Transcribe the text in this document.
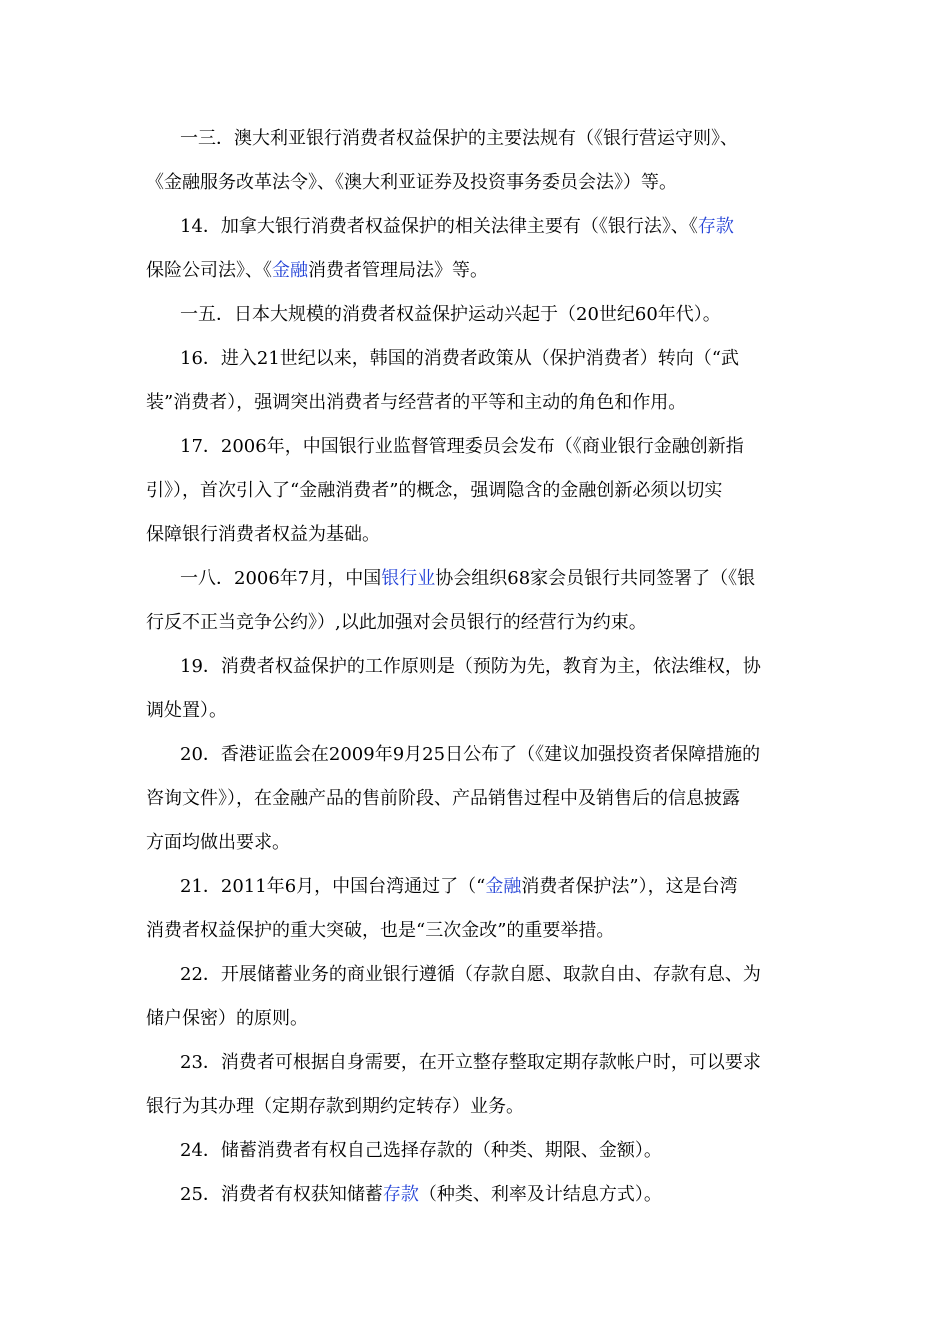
一三．澳大利亚银行消费者权益保护的主要法规有（《银行营运守则》、
《金融服务改革法令》、《澳大利亚证券及投资事务委员会法》）等。
14．加拿大银行消费者权益保护的相关法律主要有（《银行法》、《存款
保险公司法》、《金融消费者管理局法》等。
一五．日本大规模的消费者权益保护运动兴起于（20世纪60年代）。
16．进入21世纪以来，韩国的消费者政策从（保护消费者）转向（“武
装”消费者），强调突出消费者与经营者的平等和主动的角色和作用。
17．2006年，中国银行业监督管理委员会发布（《商业银行金融创新指
引》），首次引入了“金融消费者”的概念，强调隐含的金融创新必须以切实
保障银行消费者权益为基础。
一八．2006年7月，中国银行业协会组织68家会员银行共同签署了（《银
行反不正当竞争公约》）,以此加强对会员银行的经营行为约束。
19．消费者权益保护的工作原则是（预防为先，教育为主，依法维权，协
调处置）。
20．香港证监会在2009年9月25日公布了（《建议加强投资者保障措施的
咨询文件》），在金融产品的售前阶段、产品销售过程中及销售后的信息披露
方面均做出要求。
21．2011年6月，中国台湾通过了（“金融消费者保护法”），这是台湾
消费者权益保护的重大突破，也是“三次金改”的重要举措。
22．开展储蓄业务的商业银行遵循（存款自愿、取款自由、存款有息、为
储户保密）的原则。
23．消费者可根据自身需要，在开立整存整取定期存款帐户时，可以要求
银行为其办理（定期存款到期约定转存）业务。
24．储蓄消费者有权自己选择存款的（种类、期限、金额）。
25．消费者有权获知储蓄存款（种类、利率及计结息方式）。
